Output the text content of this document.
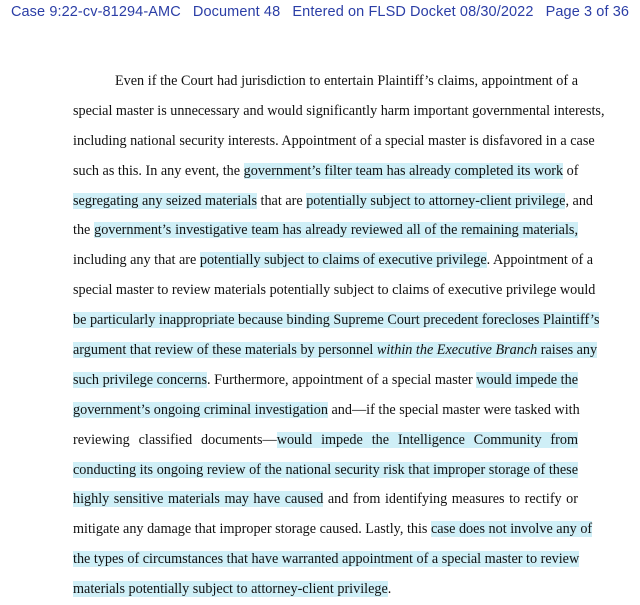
Case 9:22-cv-81294-AMC Document 48 Entered on FLSD Docket 08/30/2022 Page 3 of 36
Even if the Court had jurisdiction to entertain Plaintiff’s claims, appointment of a
special master is unnecessary and would significantly harm important governmental interests,
including national security interests. Appointment of a special master is disfavored in a case
such as this. In any event, the government’s filter team has already completed its work of
segregating any seized materials that are potentially subject to attorney-client privilege, and
the government’s investigative team has already reviewed all of the remaining materials,
including any that are potentially subject to claims of executive privilege. Appointment of a
special master to review materials potentially subject to claims of executive privilege would
be particularly inappropriate because binding Supreme Court precedent forecloses Plaintiff’s
argument that review of these materials by personnel within the Executive Branch raises any
such privilege concerns. Furthermore, appointment of a special master would impede the
government’s ongoing criminal investigation and—if the special master were tasked with
reviewing classified documents—would impede the Intelligence Community from
conducting its ongoing review of the national security risk that improper storage of these
highly sensitive materials may have caused and from identifying measures to rectify or
mitigate any damage that improper storage caused. Lastly, this case does not involve any of
the types of circumstances that have warranted appointment of a special master to review
materials potentially subject to attorney-client privilege.
